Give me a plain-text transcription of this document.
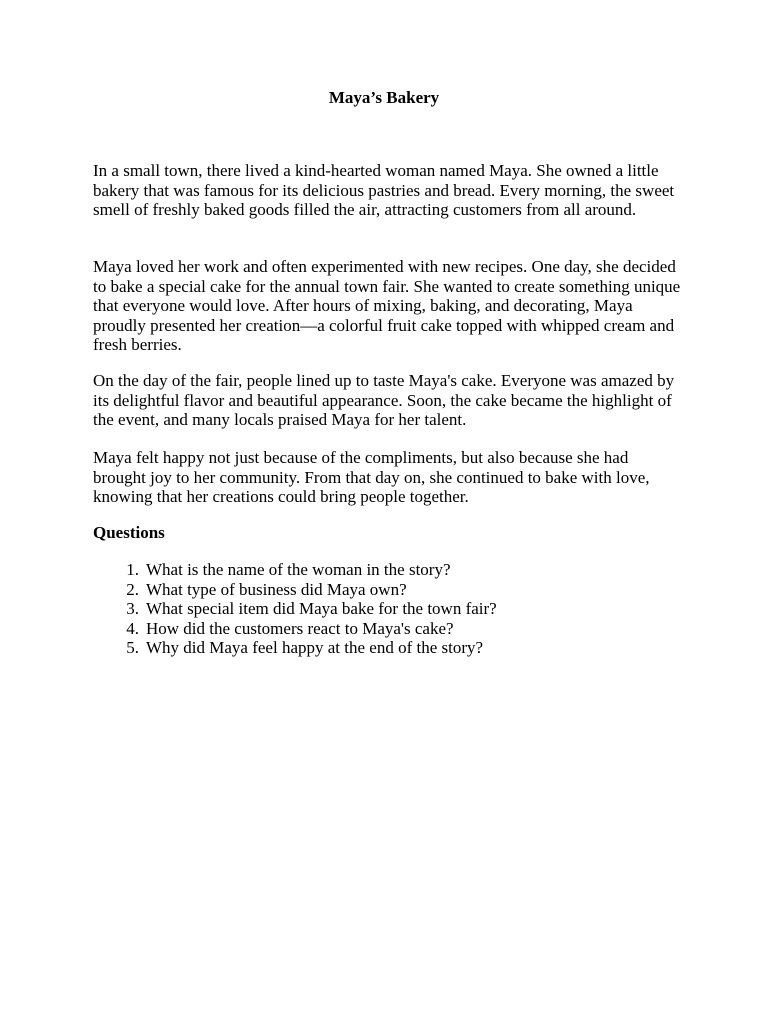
Maya’s Bakery

In a small town, there lived a kind-hearted woman named Maya. She owned a little bakery that was famous for its delicious pastries and bread. Every morning, the sweet smell of freshly baked goods filled the air, attracting customers from all around.

Maya loved her work and often experimented with new recipes. One day, she decided to bake a special cake for the annual town fair. She wanted to create something unique that everyone would love. After hours of mixing, baking, and decorating, Maya proudly presented her creation—a colorful fruit cake topped with whipped cream and fresh berries.

On the day of the fair, people lined up to taste Maya's cake. Everyone was amazed by its delightful flavor and beautiful appearance. Soon, the cake became the highlight of the event, and many locals praised Maya for her talent.

Maya felt happy not just because of the compliments, but also because she had brought joy to her community. From that day on, she continued to bake with love, knowing that her creations could bring people together.

Questions
1. What is the name of the woman in the story?
2. What type of business did Maya own?
3. What special item did Maya bake for the town fair?
4. How did the customers react to Maya's cake?
5. Why did Maya feel happy at the end of the story?
